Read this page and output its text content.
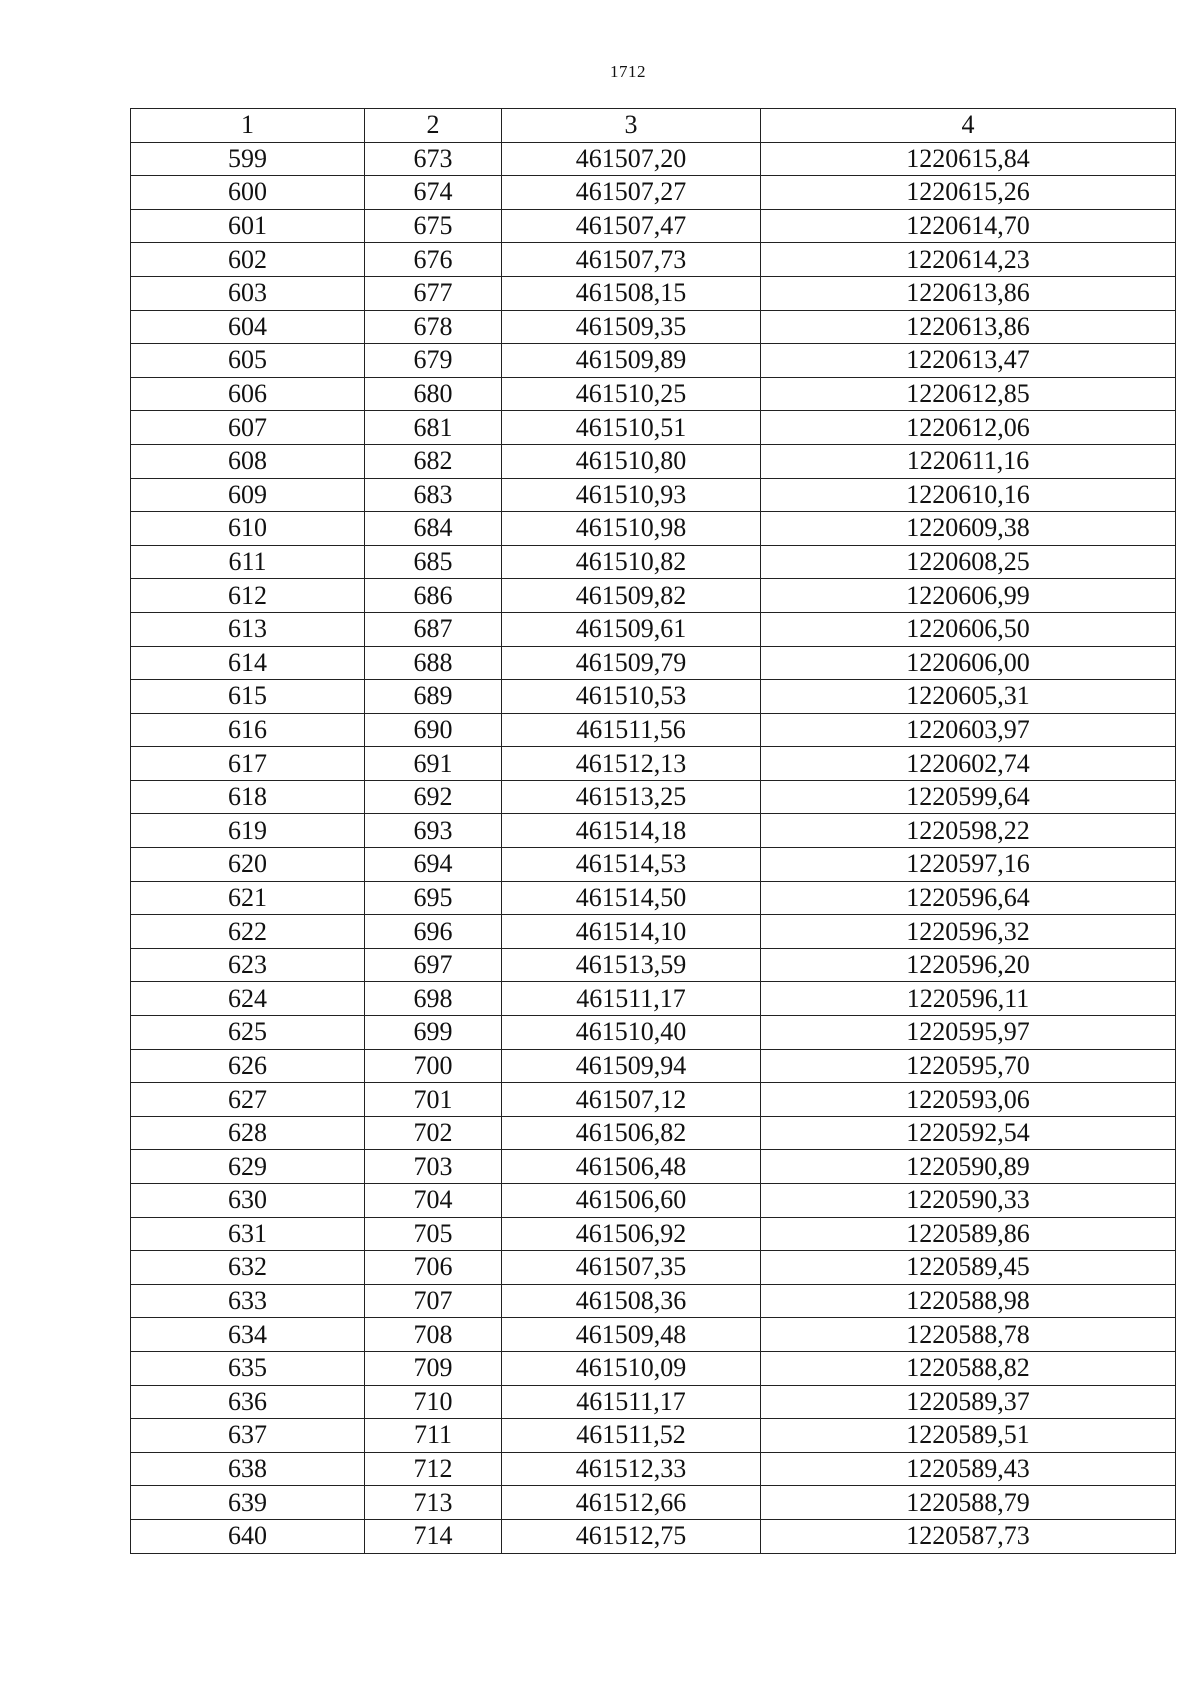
1712
1	2	3	4
599	673	461507,20	1220615,84
600	674	461507,27	1220615,26
601	675	461507,47	1220614,70
602	676	461507,73	1220614,23
603	677	461508,15	1220613,86
604	678	461509,35	1220613,86
605	679	461509,89	1220613,47
606	680	461510,25	1220612,85
607	681	461510,51	1220612,06
608	682	461510,80	1220611,16
609	683	461510,93	1220610,16
610	684	461510,98	1220609,38
611	685	461510,82	1220608,25
612	686	461509,82	1220606,99
613	687	461509,61	1220606,50
614	688	461509,79	1220606,00
615	689	461510,53	1220605,31
616	690	461511,56	1220603,97
617	691	461512,13	1220602,74
618	692	461513,25	1220599,64
619	693	461514,18	1220598,22
620	694	461514,53	1220597,16
621	695	461514,50	1220596,64
622	696	461514,10	1220596,32
623	697	461513,59	1220596,20
624	698	461511,17	1220596,11
625	699	461510,40	1220595,97
626	700	461509,94	1220595,70
627	701	461507,12	1220593,06
628	702	461506,82	1220592,54
629	703	461506,48	1220590,89
630	704	461506,60	1220590,33
631	705	461506,92	1220589,86
632	706	461507,35	1220589,45
633	707	461508,36	1220588,98
634	708	461509,48	1220588,78
635	709	461510,09	1220588,82
636	710	461511,17	1220589,37
637	711	461511,52	1220589,51
638	712	461512,33	1220589,43
639	713	461512,66	1220588,79
640	714	461512,75	1220587,73
